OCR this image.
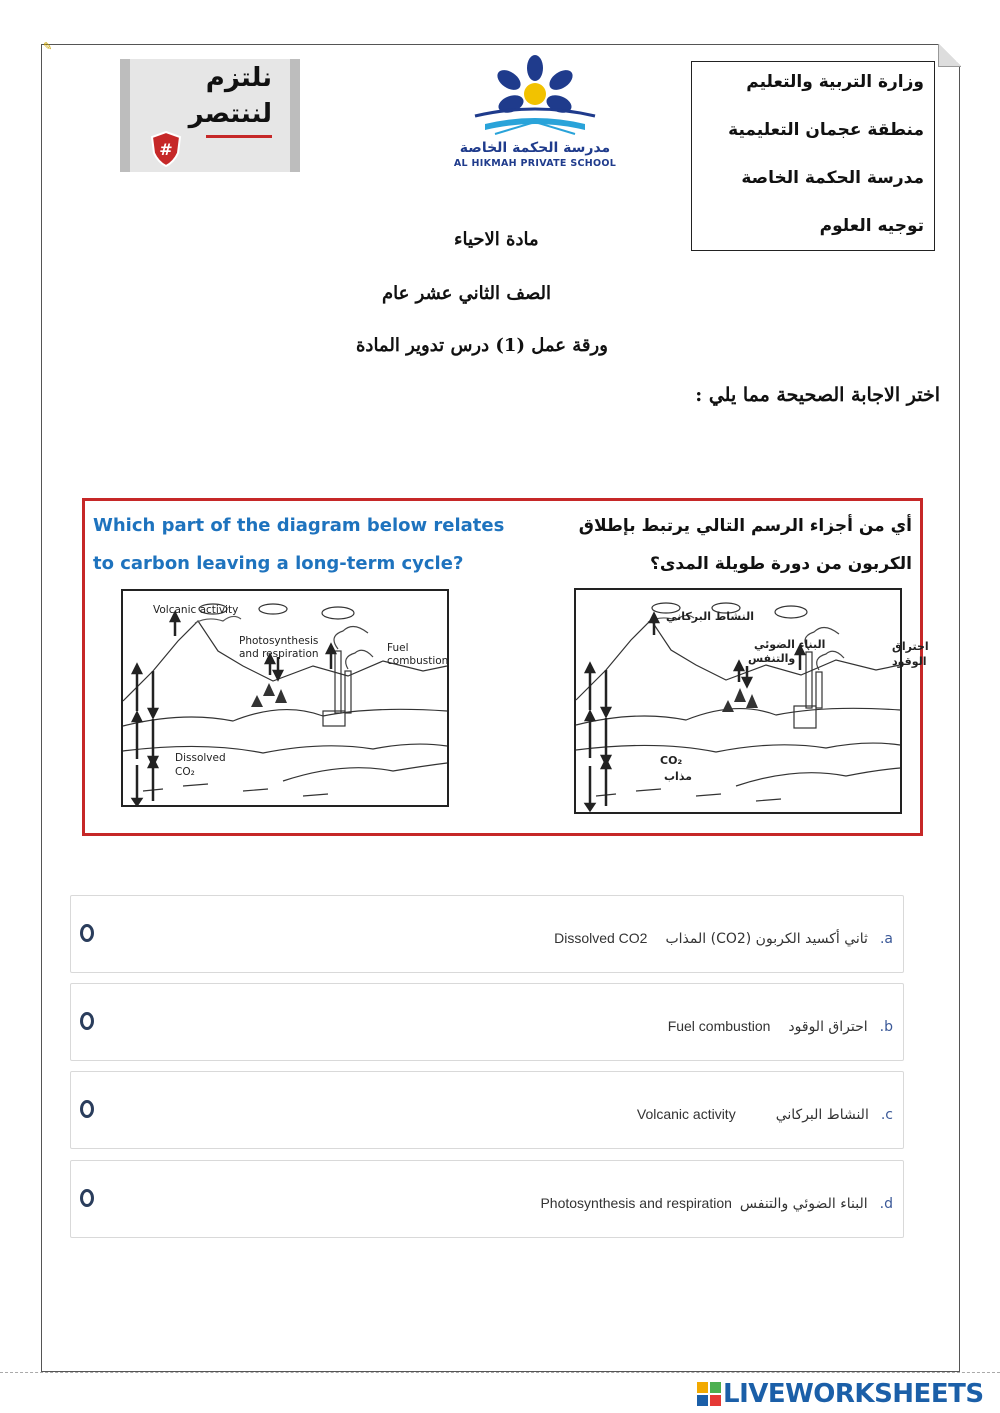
✎
وزارة التربية والتعليم
منطقة عجمان التعليمية
مدرسة الحكمة الخاصة
توجيه العلوم
نلتزم
لننتصر
#	مدرسة الحكمة الخاصة
AL HIKMAH PRIVATE SCHOOL
مادة الاحياء
الصف الثاني عشر عام
ورقة عمل (1) درس تدوير المادة
اختر الاجابة الصحيحة مما يلي :
Which part of the diagram below relates to carbon leaving a long-term cycle?
أي من أجزاء الرسم التالي يرتبط بإطلاق الكربون من دورة طويلة المدى؟
Volcanic activity
Photosynthesis
and respiration	Fuel
combustion
Dissolved
CO₂
النشاط البركاني
البناء الضوئي
والتنفس
احتراق
الوقود
CO₂
مذاب
a.ثاني أكسيد الكربون (CO2) المذابDissolved CO2
b.احتراق الوقودFuel combustion
c.النشاط البركانيVolcanic activity
d.البناء الضوئي والتنفسPhotosynthesis and respiration
LIVEWORKSHEETS
